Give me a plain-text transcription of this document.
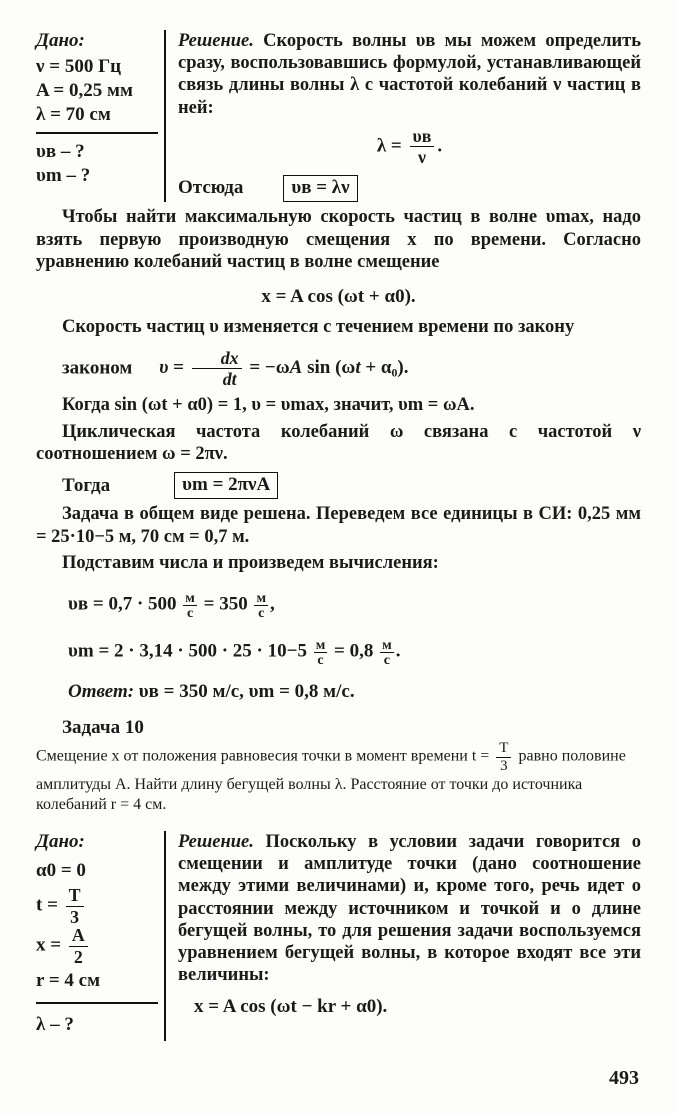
Дано:
ν = 500 Гц
A = 0,25 мм
λ = 70 см
υв – ?
υm – ?
Решение. Скорость волны υв мы можем определить сразу, воспользовавшись формулой, устанавливающей связь длины волны λ с частотой колебаний ν частиц в ней:
$\lambda = \frac{\upsilon в}{\nu}$ .
Отсюда	υв = λν

Чтобы найти максимальную скорость частиц в волне υmax, надо взять первую производную смещения x по времени. Согласно уравнению колебаний частиц в волне смещение

x = A cos (ωt + α0).

Скорость частиц υ изменяется с течением времени по закону

законом $\upsilon = \frac{dx}{dt} = -\omega A$ $\sin (\omega t + \alpha_0)$.

Когда sin (ωt + α0) = 1, υ = υmax, значит, υm = ωA.

Циклическая частота колебаний ω связана с частотой ν соотношением ω = 2πν.

Тогда	υm = 2πνA

Задача в общем виде решена. Переведем все единицы в СИ: 0,25 мм = 25·10−5 м, 70 см = 0,7 м.

Подставим числа и произведем вычисления:

$\upsilon в = 0,7 \cdot 500 \frac{м}{с} = 350 \frac{м}{с}$ ,
$\upsilon m = 2 \cdot 3,14 \cdot 500 \cdot 25 \cdot 10-5 \frac{м}{с} = 0,8 \frac{м}{с}$ .
Ответ: υв = 350 м/с, υm = 0,8 м/с.
Задача 10
Смещение x от положения равновесия точки в момент времени $t = \frac{T}{3}$ равно половине амплитуды A. Найти длину бегущей волны λ. Расстояние от точки до источника колебаний r = 4 см.
Дано:
α0 = 0
$t = \frac{T}{3}$
$x = \frac{A}{2}$
r = 4 см
λ – ?
Решение. Поскольку в условии задачи говорится о смещении и амплитуде точки (дано соотношение между этими величинами) и, кроме того, речь идет о расстоянии между источником и точкой и о длине бегущей волны, то для решения задачи воспользуемся уравнением бегущей волны, в которое входят все эти величины:
x = A cos (ωt − kr + α0).
493
